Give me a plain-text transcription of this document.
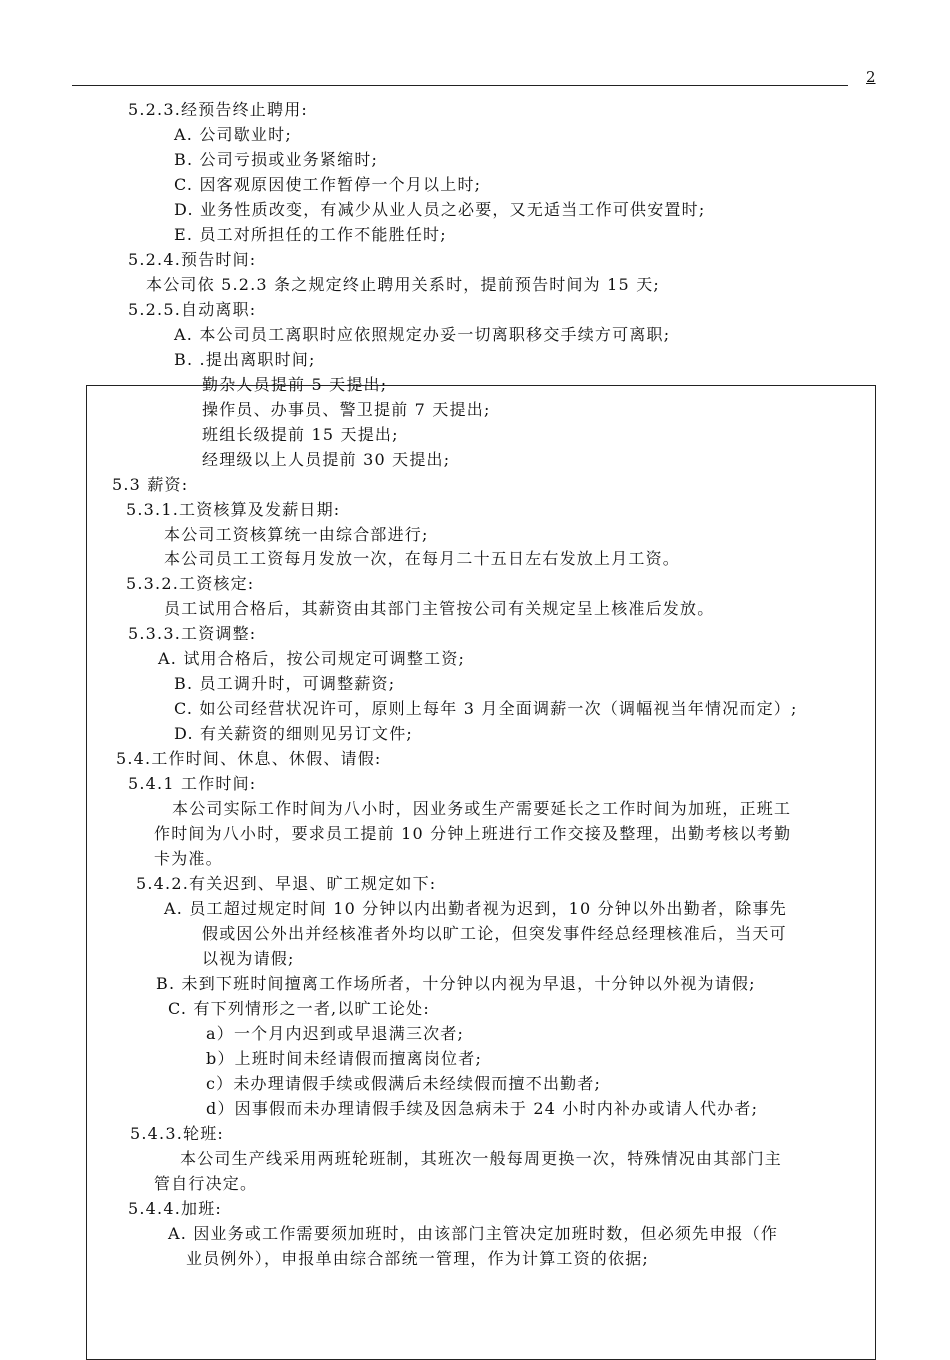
2
5.2.3.经预告终止聘用:
A. 公司歇业时;
B. 公司亏损或业务紧缩时;
C. 因客观原因使工作暂停一个月以上时;
D. 业务性质改变，有减少从业人员之必要，又无适当工作可供安置时;
E. 员工对所担任的工作不能胜任时;
5.2.4.预告时间:
本公司依 5.2.3 条之规定终止聘用关系时，提前预告时间为 15 天;
5.2.5.自动离职:
A. 本公司员工离职时应依照规定办妥一切离职移交手续方可离职;
B. .提出离职时间;
勤杂人员提前 5 天提出;
操作员、办事员、警卫提前 7 天提出;
班组长级提前 15 天提出;
经理级以上人员提前 30 天提出;
5.3 薪资:
5.3.1.工资核算及发薪日期:
本公司工资核算统一由综合部进行;
本公司员工工资每月发放一次，在每月二十五日左右发放上月工资。
5.3.2.工资核定:
员工试用合格后，其薪资由其部门主管按公司有关规定呈上核准后发放。
5.3.3.工资调整:
A. 试用合格后，按公司规定可调整工资;
B. 员工调升时，可调整薪资;
C. 如公司经营状况许可，原则上每年 3 月全面调薪一次（调幅视当年情况而定）;
D. 有关薪资的细则见另订文件;
5.4.工作时间、休息、休假、请假:
5.4.1 工作时间:
本公司实际工作时间为八小时，因业务或生产需要延长之工作时间为加班，正班工
作时间为八小时，要求员工提前 10 分钟上班进行工作交接及整理，出勤考核以考勤
卡为准。
5.4.2.有关迟到、早退、旷工规定如下:
A. 员工超过规定时间 10 分钟以内出勤者视为迟到，10 分钟以外出勤者，除事先
假或因公外出并经核准者外均以旷工论，但突发事件经总经理核准后，当天可
以视为请假;
B. 未到下班时间擅离工作场所者，十分钟以内视为早退，十分钟以外视为请假;
C. 有下列情形之一者,以旷工论处:
a）一个月内迟到或早退满三次者;
b）上班时间未经请假而擅离岗位者;
c）未办理请假手续或假满后未经续假而擅不出勤者;
d）因事假而未办理请假手续及因急病未于 24 小时内补办或请人代办者;
5.4.3.轮班:
本公司生产线采用两班轮班制，其班次一般每周更换一次，特殊情况由其部门主
管自行决定。
5.4.4.加班:
A. 因业务或工作需要须加班时，由该部门主管决定加班时数，但必须先申报（作
业员例外），申报单由综合部统一管理，作为计算工资的依据;
